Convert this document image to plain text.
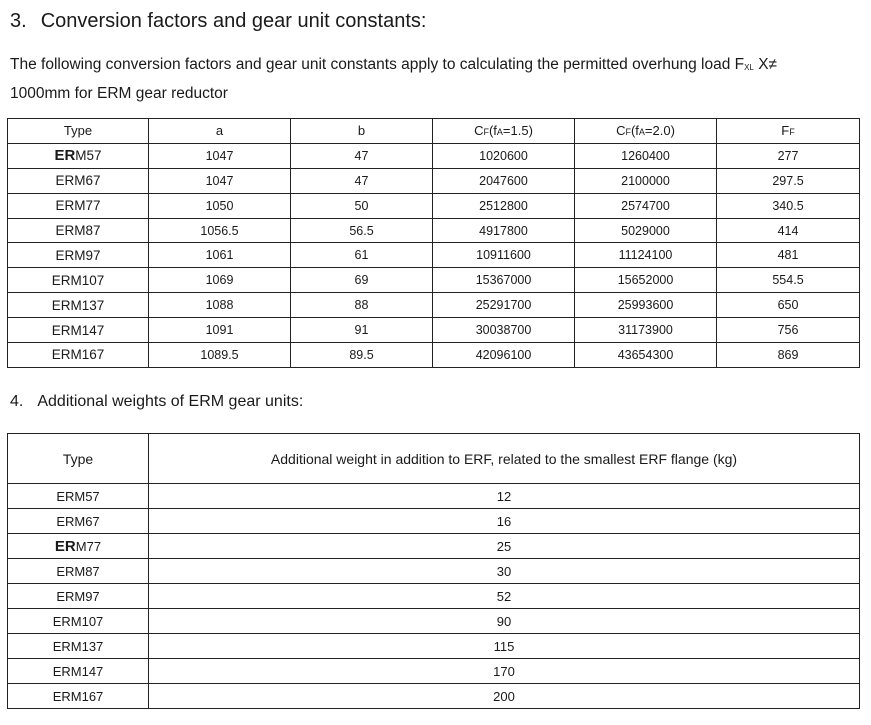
3. Conversion factors and gear unit constants:
The following conversion factors and gear unit constants apply to calculating the permitted overhung load $F_{XL}$ X≠
1000mm for ERM gear reductor
Type	a	b	CF(fA=1.5)	CF(fA=2.0)	FF
ERM57	1047	47	1020600	1260400	277
ERM67	1047	47	2047600	2100000	297.5
ERM77	1050	50	2512800	2574700	340.5
ERM87	1056.5	56.5	4917800	5029000	414
ERM97	1061	61	10911600	11124100	481
ERM107	1069	69	15367000	15652000	554.5
ERM137	1088	88	25291700	25993600	650
ERM147	1091	91	30038700	31173900	756
ERM167	1089.5	89.5	42096100	43654300	869
4. Additional weights of ERM gear units:
Type	Additional weight in addition to ERF, related to the smallest ERF flange (kg)
ERM57	12
ERM67	16
ERM77	25
ERM87	30
ERM97	52
ERM107	90
ERM137	115
ERM147	170
ERM167	200
